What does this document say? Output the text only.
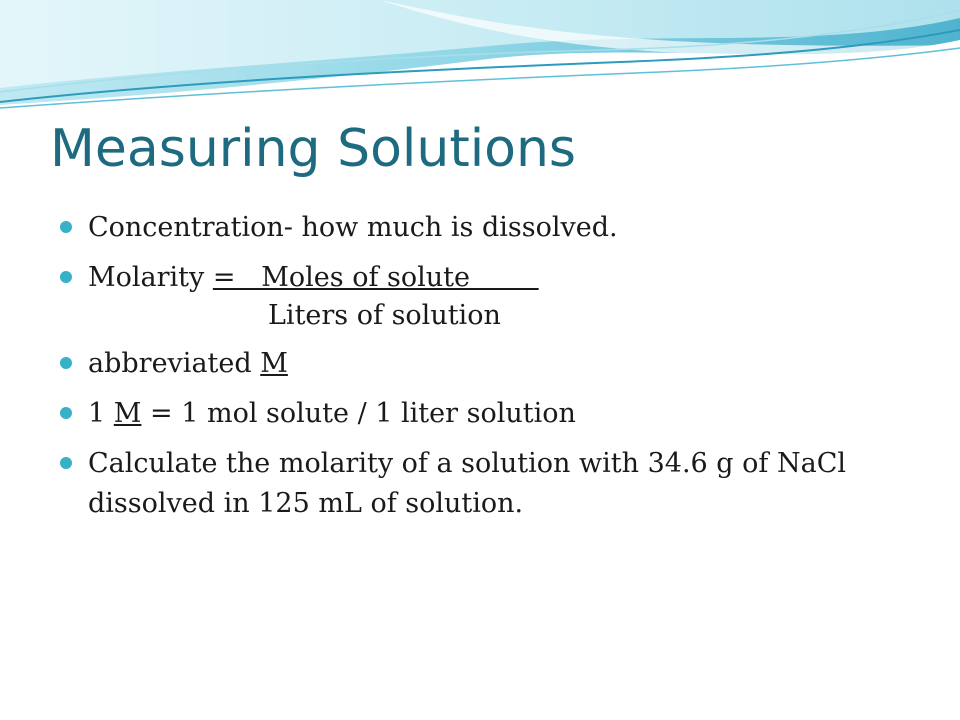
Measuring Solutions
Concentration- how much is dissolved.
Molarity =   Moles of solute
Liters of solution
abbreviated M
1 M = 1 mol solute / 1 liter solution
Calculate the molarity of a solution with 34.6 g of NaCl dissolved in 125 mL of solution.
